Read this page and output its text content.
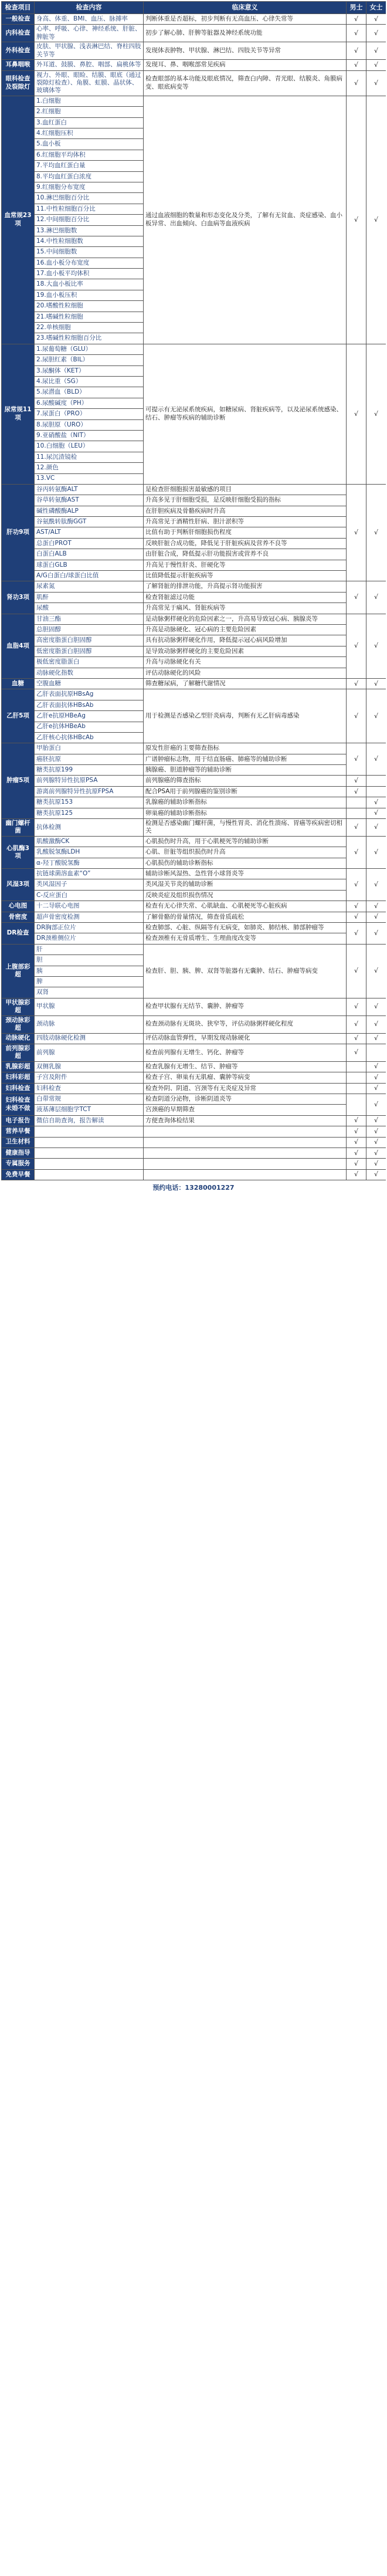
检查项目	检查内容	临床意义	男士	女士
一般检查	身高、体重、BMI、血压、脉搏率	判断体重是否超标，初步判断有无高血压、心律失常等	√	√
内科检查	心率、呼吸、心律、神经系统、肝脏、脾脏等	初步了解心肺、肝脾等脏器及神经系统功能	√	√
外科检查	皮肤、甲状腺、浅表淋巴结、脊柱四肢关节等	发现体表肿物、甲状腺、淋巴结、四肢关节等异常	√	√
耳鼻咽喉	外耳道、鼓膜、鼻腔、咽部、扁桃体等	发现耳、鼻、咽喉部常见疾病	√	√
眼科检查及裂隙灯	视力、外眼、眼睑、结膜、眼底（通过裂隙灯检查）、角膜、虹膜、晶状体、玻璃体等	检查眼部的基本功能及眼底情况，筛查白内障、青光眼、结膜炎、角膜病变、眼底病变等	√	√
血常规23项	1.白细胞	通过血液细胞的数量和形态变化及分类，了解有无贫血、炎症感染、血小板异常、出血倾向、白血病等血液疾病	√	√
	2.红细胞			
	3.血红蛋白			
	4.红细胞压积			
	5.血小板			
	6.红细胞平均体积			
	7.平均血红蛋白量			
	8.平均血红蛋白浓度			
	9.红细胞分布宽度			
	10.淋巴细胞百分比			
	11.中性粒细胞百分比			
	12.中间细胞百分比			
	13.淋巴细胞数			
	14.中性粒细胞数			
	15.中间细胞数			
	16.血小板分布宽度			
	17.血小板平均体积			
	18.大血小板比率			
	19.血小板压积			
	20.嗜酸性粒细胞			
	21.嗜碱性粒细胞			
	22.单核细胞			
	23.嗜碱性粒细胞百分比			
尿常规11项	1.尿葡萄糖（GLU）	可提示有无泌尿系统疾病，如糖尿病、肾脏疾病等，以及泌尿系统感染、结石、肿瘤等疾病的辅助诊断	√	√
	2.尿胆红素（BIL）			
	3.尿酮体（KET）			
	4.尿比重（SG）			
	5.尿潜血（BLD）			
	6.尿酸碱度（PH）			
	7.尿蛋白（PRO）			
	8.尿胆原（URO）			
	9.亚硝酸盐（NIT）			
	10.白细胞（LEU）			
	11.尿沉渣镜检			
	12.颜色			
	13.VC			
肝功9项	谷丙转氨酶ALT	是检查肝细胞损害最敏感的项目	√	√
	谷草转氨酶AST	升高多见于肝细胞受损，是反映肝细胞受损的指标		
	碱性磷酸酶ALP	在肝胆疾病及骨骼疾病时升高		
	谷氨酰转肽酶GGT	升高常见于酒精性肝病、胆汁淤积等		
	AST/ALT	比值有助于判断肝细胞损伤程度		
	总蛋白PROT	反映肝脏合成功能，降低见于肝脏疾病及营养不良等		
	白蛋白ALB	由肝脏合成，降低提示肝功能损害或营养不良		
	球蛋白GLB	升高见于慢性肝炎、肝硬化等		
	A/G白蛋白/球蛋白比值	比值降低提示肝脏疾病等		
肾功3项	尿素氮	了解肾脏的排泄功能，升高提示肾功能损害	√	√
	肌酐	检查肾脏滤过功能		
	尿酸	升高常见于痛风、肾脏疾病等		
血脂4项	甘油三酯	是动脉粥样硬化的危险因素之一，升高易导致冠心病、胰腺炎等	√	√
	总胆固醇	升高是动脉硬化、冠心病的主要危险因素		
	高密度脂蛋白胆固醇	具有抗动脉粥样硬化作用，降低提示冠心病风险增加		
	低密度脂蛋白胆固醇	是导致动脉粥样硬化的主要危险因素		
	极低密度脂蛋白	升高与动脉硬化有关		
	动脉硬化指数	评估动脉硬化的风险		
血糖	空腹血糖	筛查糖尿病，了解糖代谢情况	√	√
乙肝5项	乙肝表面抗原HBsAg	用于检测是否感染乙型肝炎病毒，判断有无乙肝病毒感染	√	√
	乙肝表面抗体HBsAb			
	乙肝e抗原HBeAg			
	乙肝e抗体HBeAb			
	乙肝核心抗体HBcAb			
肿瘤5项	甲胎蛋白	原发性肝癌的主要筛查指标	√	√
	癌胚抗原	广谱肿瘤标志物，用于结直肠癌、肺癌等的辅助诊断		
	糖类抗原199	胰腺癌、胆道肿瘤等的辅助诊断		
	前列腺特异性抗原PSA	前列腺癌的筛查指标	√	
	游离前列腺特异性抗原FPSA	配合PSA用于前列腺癌的鉴别诊断	√	
	糖类抗原153	乳腺癌的辅助诊断指标		√
	糖类抗原125	卵巢癌的辅助诊断指标		√
幽门螺杆菌	抗体检测	检测是否感染幽门螺杆菌，与慢性胃炎、消化性溃疡、胃癌等疾病密切相关	√	√
心肌酶3项	肌酸激酶CK	心肌损伤时升高，用于心肌梗死等的辅助诊断	√	√
	乳酸脱氢酶LDH	心肌、肝脏等组织损伤时升高		
	α-羟丁酸脱氢酶	心肌损伤的辅助诊断指标		
风湿3项	抗链球菌溶血素“O”	辅助诊断风湿热、急性肾小球肾炎等	√	√
	类风湿因子	类风湿关节炎的辅助诊断		
	C-反应蛋白	反映炎症及组织损伤情况		
心电图	十二导联心电图	检查有无心律失常、心肌缺血、心肌梗死等心脏疾病	√	√
骨密度	超声骨密度检测	了解骨骼的骨量情况，筛查骨质疏松	√	√
DR检查	DR胸部正位片	检查肺部、心脏、纵隔等有无病变，如肺炎、肺结核、肺部肿瘤等	√	√
	DR颈椎侧位片	检查颈椎有无骨质增生、生理曲度改变等		
上腹部彩超	肝	检查肝、胆、胰、脾、双肾等脏器有无囊肿、结石、肿瘤等病变	√	√
	胆			
	胰			
	脾			
	双肾			
甲状腺彩超	甲状腺	检查甲状腺有无结节、囊肿、肿瘤等	√	√
颈动脉彩超	颈动脉	检查颈动脉有无斑块、狭窄等，评估动脉粥样硬化程度	√	√
动脉硬化	四肢动脉硬化检测	评估动脉血管弹性，早期发现动脉硬化	√	√
前列腺彩超	前列腺	检查前列腺有无增生、钙化、肿瘤等	√	
乳腺彩超	双侧乳腺	检查乳腺有无增生、结节、肿瘤等		√
妇科彩超	子宫及附件	检查子宫、卵巢有无肌瘤、囊肿等病变		√
妇科检查	妇科检查	检查外阴、阴道、宫颈等有无炎症及异常		√
妇科检查未婚不做	白带常规	检查阴道分泌物，诊断阴道炎等		√
	液基薄层细胞学TCT	宫颈癌的早期筛查		
电子报告	微信自助查询，报告解读	方便查询体检结果	√	√
营养早餐			√	√
卫生材料			√	√
健康指导			√	√
专属服务			√	√
免费早餐			√	√
预约电话：13280001227
